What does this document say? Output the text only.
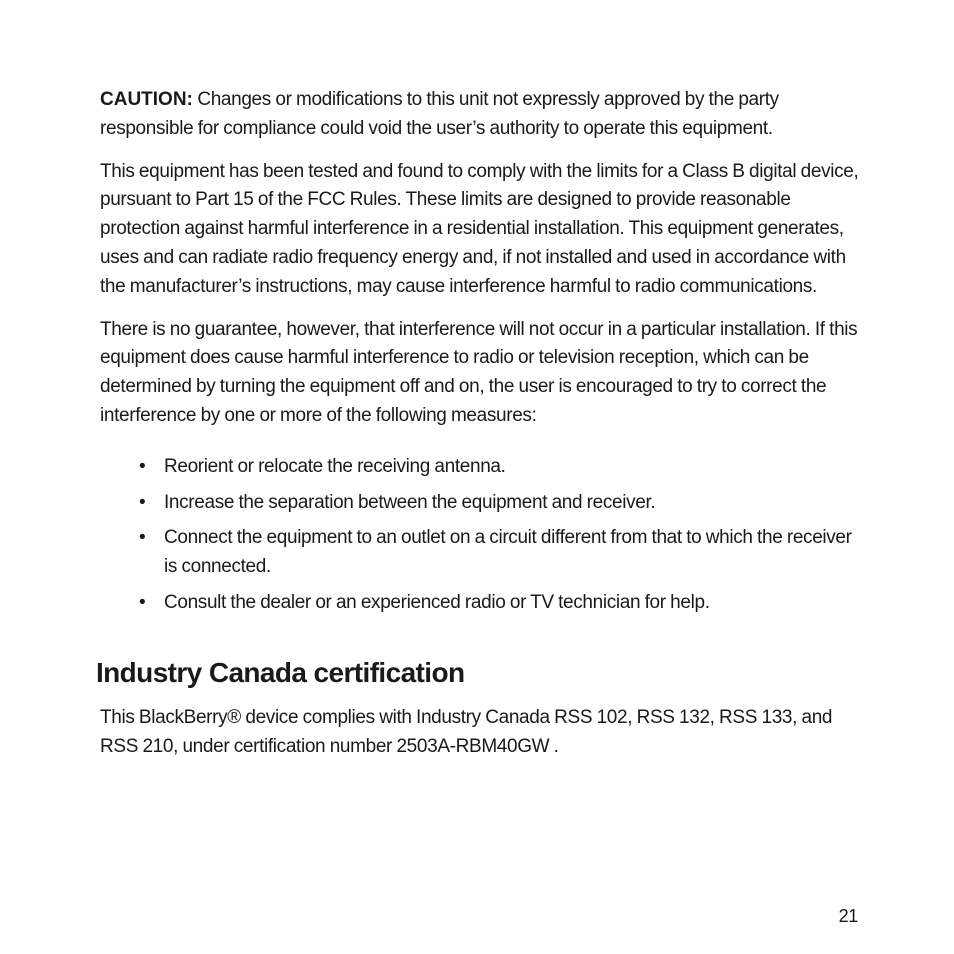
CAUTION: Changes or modifications to this unit not expressly approved by the party responsible for compliance could void the user’s authority to operate this equipment.

This equipment has been tested and found to comply with the limits for a Class B digital device, pursuant to Part 15 of the FCC Rules. These limits are designed to provide reasonable protection against harmful interference in a residential installation. This equipment generates, uses and can radiate radio frequency energy and, if not installed and used in accordance with the manufacturer’s instructions, may cause interference harmful to radio communications.

There is no guarantee, however, that interference will not occur in a particular installation. If this equipment does cause harmful interference to radio or television reception, which can be determined by turning the equipment off and on, the user is encouraged to try to correct the interference by one or more of the following measures:

• Reorient or relocate the receiving antenna.
• Increase the separation between the equipment and receiver.
• Connect the equipment to an outlet on a circuit different from that to which the receiver is connected.
• Consult the dealer or an experienced radio or TV technician for help.
Industry Canada certification

This BlackBerry® device complies with Industry Canada RSS 102, RSS 132, RSS 133, and RSS 210, under certification number 2503A-RBM40GW .

21
